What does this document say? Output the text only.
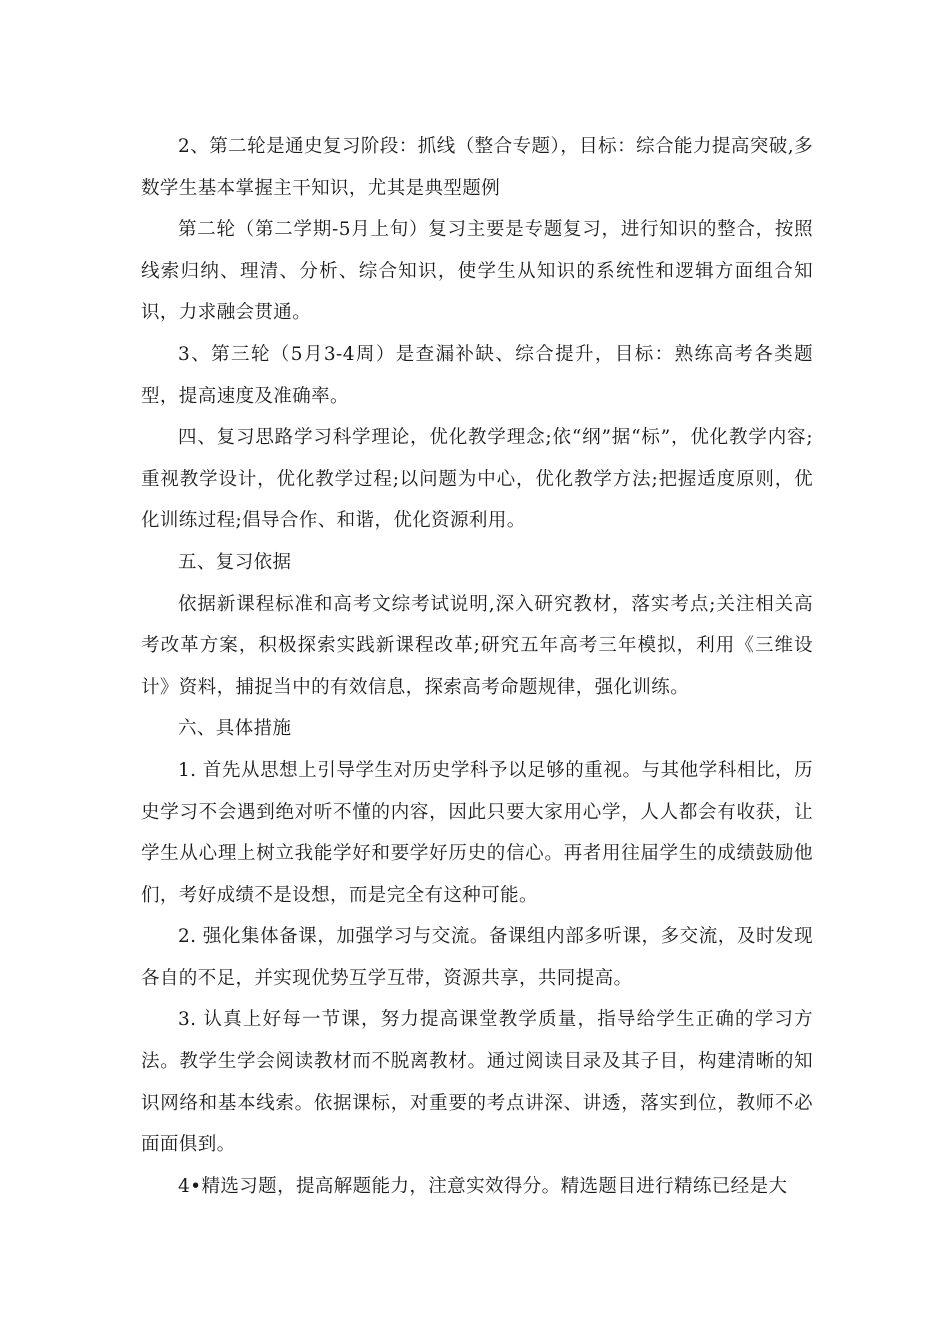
2、第二轮是通史复习阶段：抓线（整合专题），目标：综合能力提高突破,多数学生基本掌握主干知识，尤其是典型题例

第二轮（第二学期-5月上旬）复习主要是专题复习，进行知识的整合，按照线索归纳、理清、分析、综合知识，使学生从知识的系统性和逻辑方面组合知识，力求融会贯通。

3、第三轮（5月3-4周）是查漏补缺、综合提升，目标：熟练高考各类题型，提高速度及准确率。

四、复习思路学习科学理论，优化教学理念;依“纲”据“标”，优化教学内容;重视教学设计，优化教学过程;以问题为中心，优化教学方法;把握适度原则，优化训练过程;倡导合作、和谐，优化资源利用。

五、复习依据

依据新课程标准和高考文综考试说明,深入研究教材，落实考点;关注相关高考改革方案，积极探索实践新课程改革;研究五年高考三年模拟，利用《三维设计》资料，捕捉当中的有效信息，探索高考命题规律，强化训练。

六、具体措施

1. 首先从思想上引导学生对历史学科予以足够的重视。与其他学科相比，历史学习不会遇到绝对听不懂的内容，因此只要大家用心学，人人都会有收获，让学生从心理上树立我能学好和要学好历史的信心。再者用往届学生的成绩鼓励他们，考好成绩不是设想，而是完全有这种可能。

2. 强化集体备课，加强学习与交流。备课组内部多听课，多交流，及时发现各自的不足，并实现优势互学互带，资源共享，共同提高。

3. 认真上好每一节课，努力提高课堂教学质量，指导给学生正确的学习方法。教学生学会阅读教材而不脱离教材。通过阅读目录及其子目，构建清晰的知识网络和基本线索。依据课标，对重要的考点讲深、讲透，落实到位，教师不必面面俱到。

4•精选习题，提高解题能力，注意实效得分。精选题目进行精练已经是大
